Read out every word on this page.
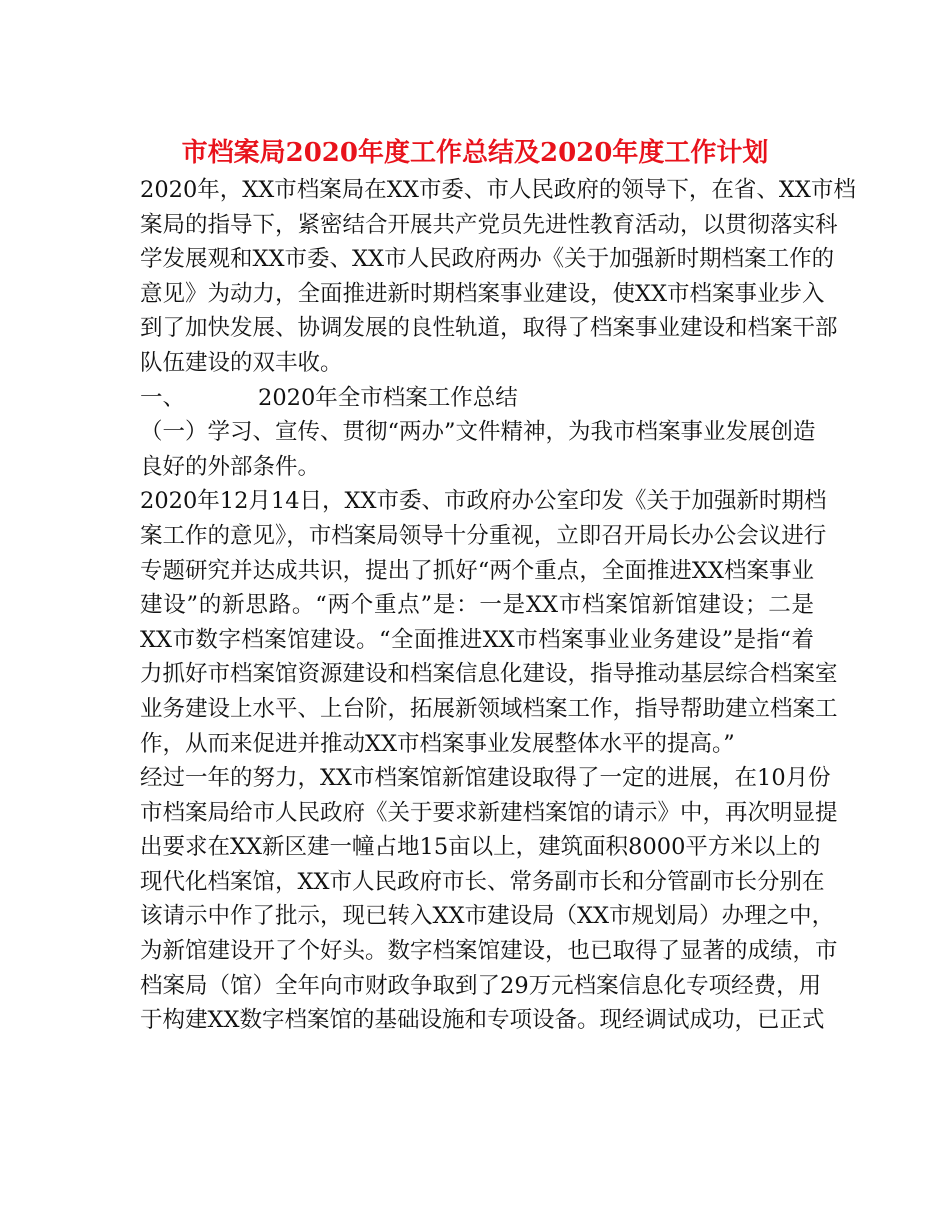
市档案局2020年度工作总结及2020年度工作计划
2020年，XX市档案局在XX市委、市人民政府的领导下，在省、XX市档
案局的指导下，紧密结合开展共产党员先进性教育活动，以贯彻落实科
学发展观和XX市委、XX市人民政府两办《关于加强新时期档案工作的
意见》为动力，全面推进新时期档案事业建设，使XX市档案事业步入
到了加快发展、协调发展的良性轨道，取得了档案事业建设和档案干部
队伍建设的双丰收。
一、	2020年全市档案工作总结
（一）学习、宣传、贯彻“两办”文件精神，为我市档案事业发展创造
良好的外部条件。
2020年12月14日，XX市委、市政府办公室印发《关于加强新时期档
案工作的意见》，市档案局领导十分重视，立即召开局长办公会议进行
专题研究并达成共识，提出了抓好“两个重点，全面推进XX档案事业
建设”的新思路。“两个重点”是：一是XX市档案馆新馆建设；二是
XX市数字档案馆建设。“全面推进XX市档案事业业务建设”是指“着
力抓好市档案馆资源建设和档案信息化建设，指导推动基层综合档案室
业务建设上水平、上台阶，拓展新领域档案工作，指导帮助建立档案工
作，从而来促进并推动XX市档案事业发展整体水平的提高。”
经过一年的努力，XX市档案馆新馆建设取得了一定的进展，在10月份
市档案局给市人民政府《关于要求新建档案馆的请示》中，再次明显提
出要求在XX新区建一幢占地15亩以上，建筑面积8000平方米以上的
现代化档案馆，XX市人民政府市长、常务副市长和分管副市长分别在
该请示中作了批示，现已转入XX市建设局（XX市规划局）办理之中，
为新馆建设开了个好头。数字档案馆建设，也已取得了显著的成绩，市
档案局（馆）全年向市财政争取到了29万元档案信息化专项经费，用
于构建XX数字档案馆的基础设施和专项设备。现经调试成功，已正式
